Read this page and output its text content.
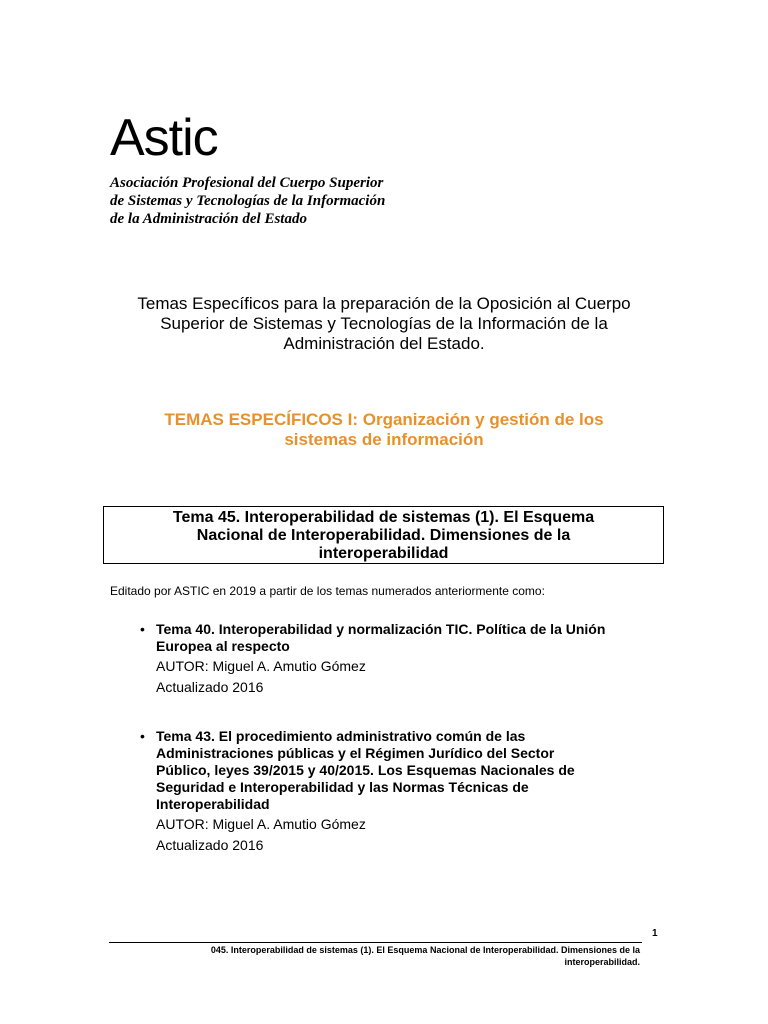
Astic
Asociación Profesional del Cuerpo Superior
de Sistemas y Tecnologías de la Información
de la Administración del Estado
Temas Específicos para la preparación de la Oposición al Cuerpo
Superior de Sistemas y Tecnologías de la Información de la
Administración del Estado.
TEMAS ESPECÍFICOS I: Organización y gestión de los
sistemas de información
Tema 45. Interoperabilidad de sistemas (1). El Esquema
Nacional de Interoperabilidad. Dimensiones de la
interoperabilidad
Editado por ASTIC en 2019 a partir de los temas numerados anteriormente como:
• Tema 40. Interoperabilidad y normalización TIC. Política de la Unión
Europea al respecto
AUTOR: Miguel A. Amutio Gómez
Actualizado 2016
• Tema 43. El procedimiento administrativo común de las
Administraciones públicas y el Régimen Jurídico del Sector
Público, leyes 39/2015 y 40/2015. Los Esquemas Nacionales de
Seguridad e Interoperabilidad y las Normas Técnicas de
Interoperabilidad
AUTOR: Miguel A. Amutio Gómez
Actualizado 2016
1
045. Interoperabilidad de sistemas (1). El Esquema Nacional de Interoperabilidad. Dimensiones de la
interoperabilidad.
